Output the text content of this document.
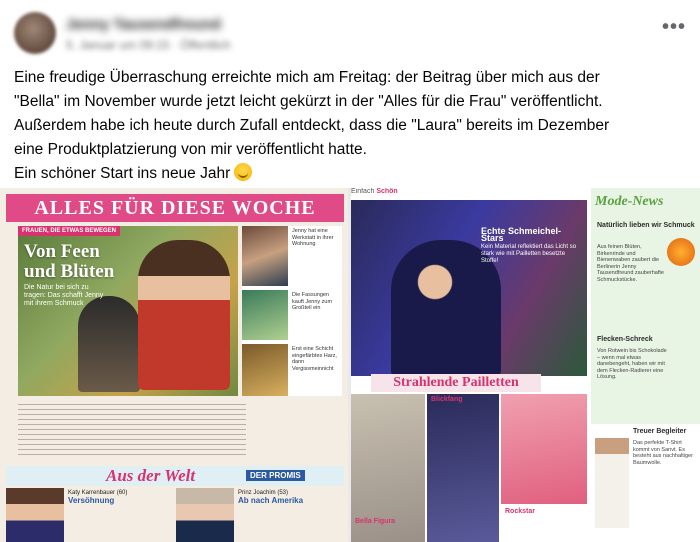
Jenny Tausendfreund
5. Januar um 09:15 · Öffentlich
•••
Eine freudige Überraschung erreichte mich am Freitag: der Beitrag über mich aus der
"Bella" im November wurde jetzt leicht gekürzt in der "Alles für die Frau" veröffentlicht.
Außerdem habe ich heute durch Zufall entdeckt, dass die "Laura" bereits im Dezember
eine Produktplatzierung von mir veröffentlicht hatte.
Ein schöner Start ins neue Jahr
ALLES FÜR DIESE WOCHE
FRAUEN, DIE ETWAS BEWEGEN
Von Feen
und Blüten
Die Natur bei sich zu tragen: Das schafft Jenny mit ihrem Schmuck
Jenny hat eine Werkstatt in ihrer Wohnung
Die Fassungen kauft Jenny zum Großteil ein
Erst eine Schicht eingefärbtes Harz, dann Vergissmeinnicht
Aus der Welt	DER PROMIS
Katy Karrenbauer (60)
Versöhnung
Prinz Joachim (53)
Ab nach Amerika
Einfach Schön
Echte Schmeichel-Stars
Kein Material reflektiert das Licht so stark wie mit Pailletten besetzte Stoffe!
Strahlende Pailletten
Blickfang
Bella Figura
Rockstar
Mode-News
Natürlich lieben wir Schmuck
Aus feinen Blüten, Birkenrinde und Bienenwaben zaubert die Berlinerin Jenny Tausendfreund zauberhafte Schmuckstücke.
Flecken-Schreck
Von Rotwein bis Schokolade – wenn mal etwas danebengeht, haben wir mit dem Flecken-Radierer eine Lösung.
Treuer Begleiter
Das perfekte T-Shirt kommt von Sanvt. Es besteht aus nachhaltiger Baumwolle.
